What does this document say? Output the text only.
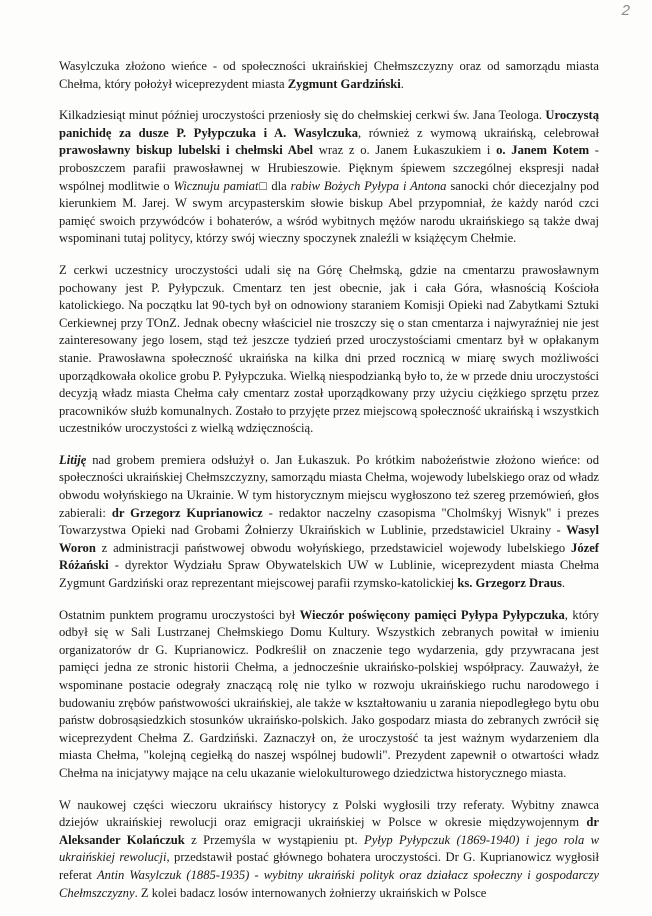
2

Wasylczuka złożono wieńce - od społeczności ukraińskiej Chełmszczyzny oraz od samorządu miasta Chełma, który położył wiceprezydent miasta Zygmunt Gardziński.

Kilkadziesiąt minut później uroczystości przeniosły się do chełmskiej cerkwi św. Jana Teologa. Uroczystą panichidę za dusze P. Pyłypczuka i A. Wasylczuka, również z wymową ukraińską, celebrował prawosławny biskup lubelski i chełmski Abel wraz z o. Janem Łukaszukiem i o. Janem Kotem - proboszczem parafii prawosławnej w Hrubieszowie. Pięknym śpiewem szczególnej ekspresji nadał wspólnej modlitwie o Wicznuju pamiat□ dla rabiw Bożych Pyłypa i Antona sanocki chór diecezjalny pod kierunkiem M. Jarej. W swym arcypasterskim słowie biskup Abel przypomniał, że każdy naród czci pamięć swoich przywódców i bohaterów, a wśród wybitnych mężów narodu ukraińskiego są także dwaj wspominani tutaj politycy, którzy swój wieczny spoczynek znaleźli w książęcym Chełmie.

Z cerkwi uczestnicy uroczystości udali się na Górę Chełmską, gdzie na cmentarzu prawosławnym pochowany jest P. Pyłypczuk. Cmentarz ten jest obecnie, jak i cała Góra, własnością Kościoła katolickiego. Na początku lat 90-tych był on odnowiony staraniem Komisji Opieki nad Zabytkami Sztuki Cerkiewnej przy TOnZ. Jednak obecny właściciel nie troszczy się o stan cmentarza i najwyraźniej nie jest zainteresowany jego losem, stąd też jeszcze tydzień przed uroczystościami cmentarz był w opłakanym stanie. Prawosławna społeczność ukraińska na kilka dni przed rocznicą w miarę swych możliwości uporządkowała okolice grobu P. Pyłypczuka. Wielką niespodzianką było to, że w przede dniu uroczystości decyzją władz miasta Chełma cały cmentarz został uporządkowany przy użyciu ciężkiego sprzętu przez pracowników służb komunalnych. Zostało to przyjęte przez miejscową społeczność ukraińską i wszystkich uczestników uroczystości z wielką wdzięcznością.

Litiję nad grobem premiera odsłużył o. Jan Łukaszuk. Po krótkim nabożeństwie złożono wieńce: od społeczności ukraińskiej Chełmszczyzny, samorządu miasta Chełma, wojewody lubelskiego oraz od władz obwodu wołyńskiego na Ukrainie. W tym historycznym miejscu wygłoszono też szereg przemówień, głos zabierali: dr Grzegorz Kuprianowicz - redaktor naczelny czasopisma "Cholmśkyj Wisnyk" i prezes Towarzystwa Opieki nad Grobami Żołnierzy Ukraińskich w Lublinie, przedstawiciel Ukrainy - Wasyl Woron z administracji państwowej obwodu wołyńskiego, przedstawiciel wojewody lubelskiego Józef Różański - dyrektor Wydziału Spraw Obywatelskich UW w Lublinie, wiceprezydent miasta Chełma Zygmunt Gardziński oraz reprezentant miejscowej parafii rzymsko-katolickiej ks. Grzegorz Draus.

Ostatnim punktem programu uroczystości był Wieczór poświęcony pamięci Pyłypa Pyłypczuka, który odbył się w Sali Lustrzanej Chełmskiego Domu Kultury. Wszystkich zebranych powitał w imieniu organizatorów dr G. Kuprianowicz. Podkreślił on znaczenie tego wydarzenia, gdy przywracana jest pamięci jedna ze stronic historii Chełma, a jednocześnie ukraińsko-polskiej współpracy. Zauważył, że wspominane postacie odegrały znaczącą rolę nie tylko w rozwoju ukraińskiego ruchu narodowego i budowaniu zrębów państwowości ukraińskiej, ale także w kształtowaniu u zarania niepodległego bytu obu państw dobrosąsiedzkich stosunków ukraińsko-polskich. Jako gospodarz miasta do zebranych zwrócił się wiceprezydent Chełma Z. Gardziński. Zaznaczył on, że uroczystość ta jest ważnym wydarzeniem dla miasta Chełma, "kolejną cegiełką do naszej wspólnej budowli". Prezydent zapewnił o otwartości władz Chełma na inicjatywy mające na celu ukazanie wielokulturowego dziedzictwa historycznego miasta.

W naukowej części wieczoru ukraińscy historycy z Polski wygłosili trzy referaty. Wybitny znawca dziejów ukraińskiej rewolucji oraz emigracji ukraińskiej w Polsce w okresie międzywojennym dr Aleksander Kolańczuk z Przemyśla w wystąpieniu pt. Pyłyp Pyłypczuk (1869-1940) i jego rola w ukraińskiej rewolucji, przedstawił postać głównego bohatera uroczystości. Dr G. Kuprianowicz wygłosił referat Antin Wasylczuk (1885-1935) - wybitny ukraiński polityk oraz działacz społeczny i gospodarczy Chełmszczyzny. Z kolei badacz losów internowanych żołnierzy ukraińskich w Polsce
